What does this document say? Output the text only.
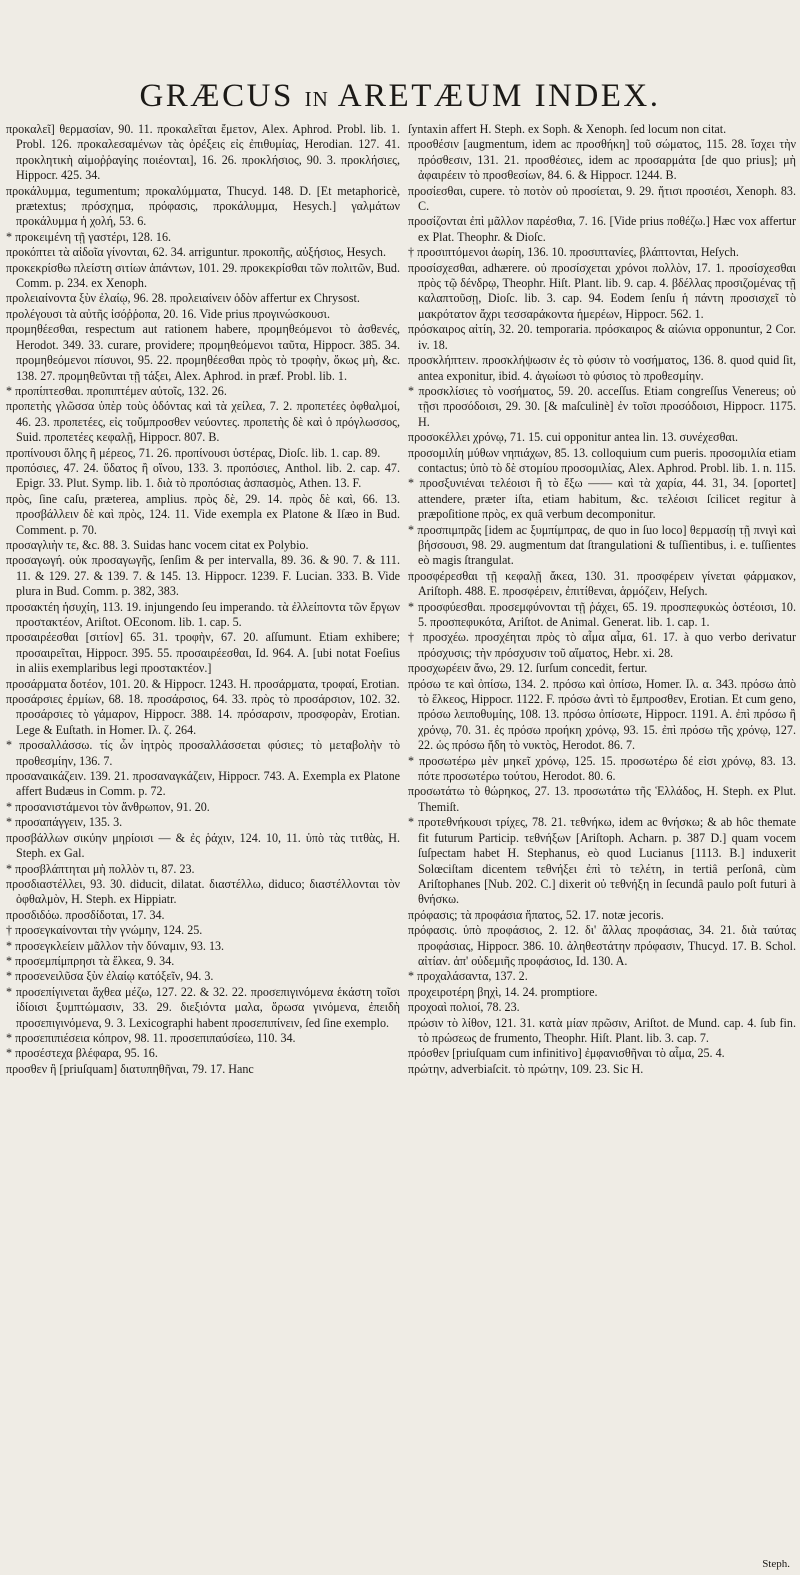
GRÆCUS IN ARETÆUM INDEX.

προκαλεῖ] θερμασίαν, 90. 11. προκαλεῖται ἔμετον, Alex. Aphrod. Probl. lib. 1. Probl. 126. προκαλεσαμένων τὰς ὀρέξεις εἰς ἐπιθυμίας, Herodian. 127. 41. προκλητικὴ αἱμοῤῥαγίης ποιέονται], 16. 26. προκλήσιος, 90. 3. προκλήσιες, Hippocr. 425. 34.

προκάλυμμα, tegumentum; προκαλύμματα, Thucyd. 148. D. [Et metaphoricè, prætextus; πρόσχημα, πρόφασις, προκάλυμμα, Hesych.] γαλμάτων προκάλυμμα ἡ χολή, 53. 6.

* προκειμένη τῇ γαστέρι, 128. 16.

προκόπτει τὰ αἰδοῖα γίνονται, 62. 34. arriguntur. προκοπῆς, αὐξήσιος, Hesych.

προκεκρίσθω πλείστη σιτίων ἀπάντων, 101. 29. προκεκρίσθαι τῶν πολιτῶν, Bud. Comm. p. 234. ex Xenoph.

προλειαίνοντα ξὺν ἐλαίῳ, 96. 28. προλειαίνειν ὁδὸν affertur ex Chrysost.

προλέγουσι τὰ αὐτῆς ἰσόῤῥοπα, 20. 16. Vide prius προγινώσκουσι.

προμηθέεσθαι, respectum aut rationem habere, προμηθεόμενοι τὸ ἀσθενές, Herodot. 349. 33. curare, providere; προμηθεόμενοι ταῦτα, Hippocr. 385. 34. προμηθεόμενοι πίσυνοι, 95. 22. προμηθέεσθαι πρὸς τὸ τροφὴν, ὅκως μὴ, &c. 138. 27. προμηθεῦνται τῇ τάξει, Alex. Aphrod. in præf. Probl. lib. 1.

* προπίπτεσθαι. προπιπτέμεν αὐτοῖς, 132. 26.

προπετὴς γλῶσσα ὑπὲρ τοὺς ὀδόντας καὶ τὰ χείλεα, 7. 2. προπετέες ὀφθαλμοί, 46. 23. προπετέες, εἰς τοὔμπροσθεν νεύοντες. προπετὴς δὲ καὶ ὁ πρόγλωσσος, Suid. προπετέες κεφαλῇ, Hippocr. 807. B.

προπίνουσι ὅλης ἢ μέρεος, 71. 26. προπίνουσι ὑστέρας, Dioſc. lib. 1. cap. 89.

προπόσιες, 47. 24. ὕδατος ἢ οἴνου, 133. 3. προπόσιες, Anthol. lib. 2. cap. 47. Epigr. 33. Plut. Symp. lib. 1. διὰ τὸ προπόσιας ἀσπασμὸς, Athen. 13. F.

πρὸς, ſine caſu, præterea, amplius. πρὸς δὲ, 29. 14. πρὸς δὲ καὶ, 66. 13. προσβάλλειν δὲ καὶ πρὸς, 124. 11. Vide exempla ex Platone & Iſæo in Bud. Comment. p. 70.

προσαγλιὴν τε, &c. 88. 3. Suidas hanc vocem citat ex Polybio.

προσαγωγή. οὐκ προσαγωγῆς, ſenſim & per intervalla, 89. 36. & 90. 7. & 111. 11. & 129. 27. & 139. 7. & 145. 13. Hippocr. 1239. F. Lucian. 333. B. Vide plura in Bud. Comm. p. 382, 383.

προσακτέη ἡσυχίη, 113. 19. injungendo ſeu imperando. τὰ ἐλλείποντα τῶν ἔργων προστακτέον, Ariſtot. OEconom. lib. 1. cap. 5.

προσαιρέεσθαι [σιτίον] 65. 31. τροφὴν, 67. 20. aſſumunt. Etiam exhibere; προσαιρεῖται, Hippocr. 395. 55. προσαιρέεσθαι, Id. 964. A. [ubi notat Foeſius in aliis exemplaribus legi προστακτέον.]

προσάρματα δοτέον, 101. 20. & Hippocr. 1243. H. προσάρματα, τροφαί, Erotian.

προσάρσιες ἐρμίων, 68. 18. προσάρσιος, 64. 33. πρὸς τὸ προσάρσιον, 102. 32. προσάρσιες τὸ γάμαρον, Hippocr. 388. 14. πρόσαρσιν, προσφορὰν, Erotian. Lege & Euſtath. in Homer. Ιλ. ζ. 264.

* προσαλλάσσω. τίς ὧν ἰητρὸς προσαλλάσσεται φύσιες; τὸ μεταβολὴν τὸ προθεσμίην, 136. 7.

προσαναικάζειν. 139. 21. προσαναγκάζειν, Hippocr. 743. A. Exempla ex Platone affert Budæus in Comm. p. 72.

* προσανιστάμενοι τὸν ἄνθρωπον, 91. 20.

* προσαπάγγειν, 135. 3.

προσβάλλων σικύην μηρίοισι — & ἐς ῥάχιν, 124. 10, 11. ὑπὸ τὰς τιτθὰς, H. Steph. ex Gal.

* προσβλάπτηται μὴ πολλὸν τι, 87. 23.

προσδιαστέλλει, 93. 30. diducit, dilatat. διαστέλλω, diduco; διαστέλλονται τὸν ὀφθαλμὸν, H. Steph. ex Hippiatr.

προσδιδόω. προσδίδοται, 17. 34.

† προσεγκαίνονται τὴν γνώμην, 124. 25.

* προσεγκλείειν μᾶλλον τὴν δύναμιν, 93. 13.

* προσεμπίμπρησι τὰ ἕλκεα, 9. 34.

* προσενειλῦσα ξὺν ἐλαίῳ κατόξεῖν, 94. 3.

* προσεπίγινεται ἄχθεα μέζω, 127. 22. & 32. 22. προσεπιγινόμενα ἑκάστη τοῖσι ἰδίοισι ξυμπτώμασιν, 33. 29. διεξιόντα μαλα, ὅρωσα γινόμενα, ἐπειδὴ προσεπιγινόμενα, 9. 3. Lexicographi habent προσεπιπίνειν, ſed ſine exemplo.

* προσεπιπιέσεια κόπρον, 98. 11. προσεπιπαύσίεω, 110. 34.

* προσέστεχα βλέφαρα, 95. 16.

προσθεν ἢ [priuſquam] διατυπηθῆναι, 79. 17. Hanc

ſyntaxin affert H. Steph. ex Soph. & Xenoph. ſed locum non citat.

προσθέσιν [augmentum, idem ac προσθήκη] τοῦ σώματος, 115. 28. ἴσχει τὴν πρόσθεσιν, 131. 21. προσθέσιες, idem ac προσαρμάτα [de quo prius]; μὴ ἀφαιρέειν τὸ προσθεσίων, 84. 6. & Hippocr. 1244. B.

προσίεσθαι, cupere. τὸ ποτὸν οὐ προσίεται, 9. 29. ἥτισι προσιέσι, Xenoph. 83. C.

προσίζονται ἐπὶ μᾶλλον παρέσθια, 7. 16. [Vide prius ποθέζω.] Hæc vox affertur ex Plat. Theophr. & Dioſc.

† προσιπτόμενοι ἀωρίη, 136. 10. προσιπτανίες, βλάπτονται, Heſych.

προσίσχεσθαι, adhærere. οὐ προσίσχεται χρόνοι πολλὸν, 17. 1. προσίσχεσθαι πρὸς τῷ δένδρῳ, Theophr. Hiſt. Plant. lib. 9. cap. 4. βδέλλας προσιζομένας τῇ καλαπτοῦσῃ, Dioſc. lib. 3. cap. 94. Eodem ſenſu ἡ πάντη προσισχεῖ τὸ μακρότατον ἄχρι τεσσαράκοντα ἡμερέων, Hippocr. 562. 1.

πρόσκαιρος αἰτίη, 32. 20. temporaria. πρόσκαιρος & αἰώνια opponuntur, 2 Cor. iv. 18.

προσκλήπτειν. προσκλήψωσιν ἐς τὸ φύσιν τὸ νοσήματος, 136. 8. quod quid ſit, antea exponitur, ibid. 4. ἀγωίωσι τὸ φύσιος τὸ προθεσμίην.

* προσκλίσιες τὸ νοσήματος, 59. 20. acceſſus. Etiam congreſſus Venereus; οὐ τῇσι προσόδοισι, 29. 30. [& maſculinè] ἐν τοῖσι προσόδοισι, Hippocr. 1175. H.

προσοκέλλει χρόνῳ, 71. 15. cui opponitur antea lin. 13. συνέχεσθαι.

προσομιλίη μύθων νηπιάχων, 85. 13. colloquium cum pueris. προσομιλία etiam contactus; ὑπὸ τὸ δὲ στομίου προσομιλίας, Alex. Aphrod. Probl. lib. 1. n. 115.

* προσξυνιέναι τελέοισι ἢ τὸ ἔξω —— καὶ τὰ χαρία, 44. 31, 34. [oportet] attendere, præter iſta, etiam habitum, &c. τελέοισι ſcilicet regitur à præpoſitione πρὸς, ex quâ verbum decomponitur.

* προσπιμπρᾶς [idem ac ξυμπίμπρας, de quo in ſuo loco] θερμασίῃ τῇ πνιγὶ καὶ βήσσουσι, 98. 29. augmentum dat ſtrangulationi & tuſſientibus, i. e. tuſſientes eò magis ſtrangulat.

προσφέρεσθαι τῇ κεφαλῇ ἄκεα, 130. 31. προσφέρειν γίνεται φάρμακον, Ariſtoph. 488. E. προσφέρειν, ἐπιτίθεναι, ἁρμόζειν, Heſych.

* προσφύεσθαι. προσεμφύνονται τῇ ῥάχει, 65. 19. προσπεφυκὼς ὀστέοισι, 10. 5. προσπεφυκότα, Ariſtot. de Animal. Generat. lib. 1. cap. 1.

† προσχέω. προσχέηται πρὸς τὸ αἷμα αἷμα, 61. 17. à quo verbo derivatur πρόσχυσις; τὴν πρόσχυσιν τοῦ αἵματος, Hebr. xi. 28.

προσχωρέειν ἄνω, 29. 12. ſurſum concedit, fertur.

πρόσω τε καὶ ὀπίσω, 134. 2. πρόσω καὶ ὀπίσω, Homer. Ιλ. α. 343. πρόσω ἀπὸ τὸ ἕλκεος, Hippocr. 1122. F. πρόσω ἀντὶ τὸ ἔμπροσθεν, Erotian. Et cum geno, πρόσω λειποθυμίης, 108. 13. πρόσω ὀπίσωτε, Hippocr. 1191. A. ἐπὶ πρόσω ἢ χρόνῳ, 70. 31. ἐς πρόσω προήκη χρόνῳ, 93. 15. ἐπὶ πρόσω τῆς χρόνῳ, 127. 22. ὡς πρόσω ἤδη τὸ νυκτὸς, Herodot. 86. 7.

* προσωτέρω μὲν μηκεῖ χρόνῳ, 125. 15. προσωτέρω δέ εἰσι χρόνῳ, 83. 13. πότε προσωτέρω τούτου, Herodot. 80. 6.

προσωτάτω τὸ θώρηκος, 27. 13. προσωτάτω τῆς Ἑλλάδος, H. Steph. ex Plut. Themiſt.

* προτεθνήκουσι τρίχες, 78. 21. τεθνήκω, idem ac θνήσκω; & ab hôc themate fit futurum Particip. τεθνήξων [Ariſtoph. Acharn. p. 387 D.] quam vocem ſuſpectam habet H. Stephanus, eò quod Lucianus [1113. B.] induxerit Solœciſtam dicentem τεθνήξει ἐπὶ τὸ τελέτη, in tertiâ perſonâ, cùm Ariſtophanes [Nub. 202. C.] dixerit οὐ τεθνήξη in ſecundâ paulo poſt futuri à θνήσκω.

πρόφασις; τὰ προφάσια ἥπατος, 52. 17. notæ jecoris.

πρόφασις. ὑπὸ προφάσιος, 2. 12. δι' ἄλλας προφάσιας, 34. 21. διὰ ταύτας προφάσιας, Hippocr. 386. 10. ἀληθεστάτην πρόφασιν, Thucyd. 17. B. Schol. αἰτίαν. ἀπ' οὐδεμιῆς προφάσιος, Id. 130. A.

* προχαλάσαντα, 137. 2.

προχειροτέρη βηχὶ, 14. 24. promptiore.

προχοαὶ πολιοί, 78. 23.

πρώσιν τὸ λίθον, 121. 31. κατὰ μίαν πρῶσιν, Ariſtot. de Mund. cap. 4. ſub fin. τὸ πρώσεως de frumento, Theophr. Hiſt. Plant. lib. 3. cap. 7.

πρόσθεν [priuſquam cum infinitivo] ἐμφανισθῆναι τὸ αἷμα, 25. 4.

πρώτην, adverbiaſcit. τὸ πρώτην, 109. 23. Sic H.

Steph.
